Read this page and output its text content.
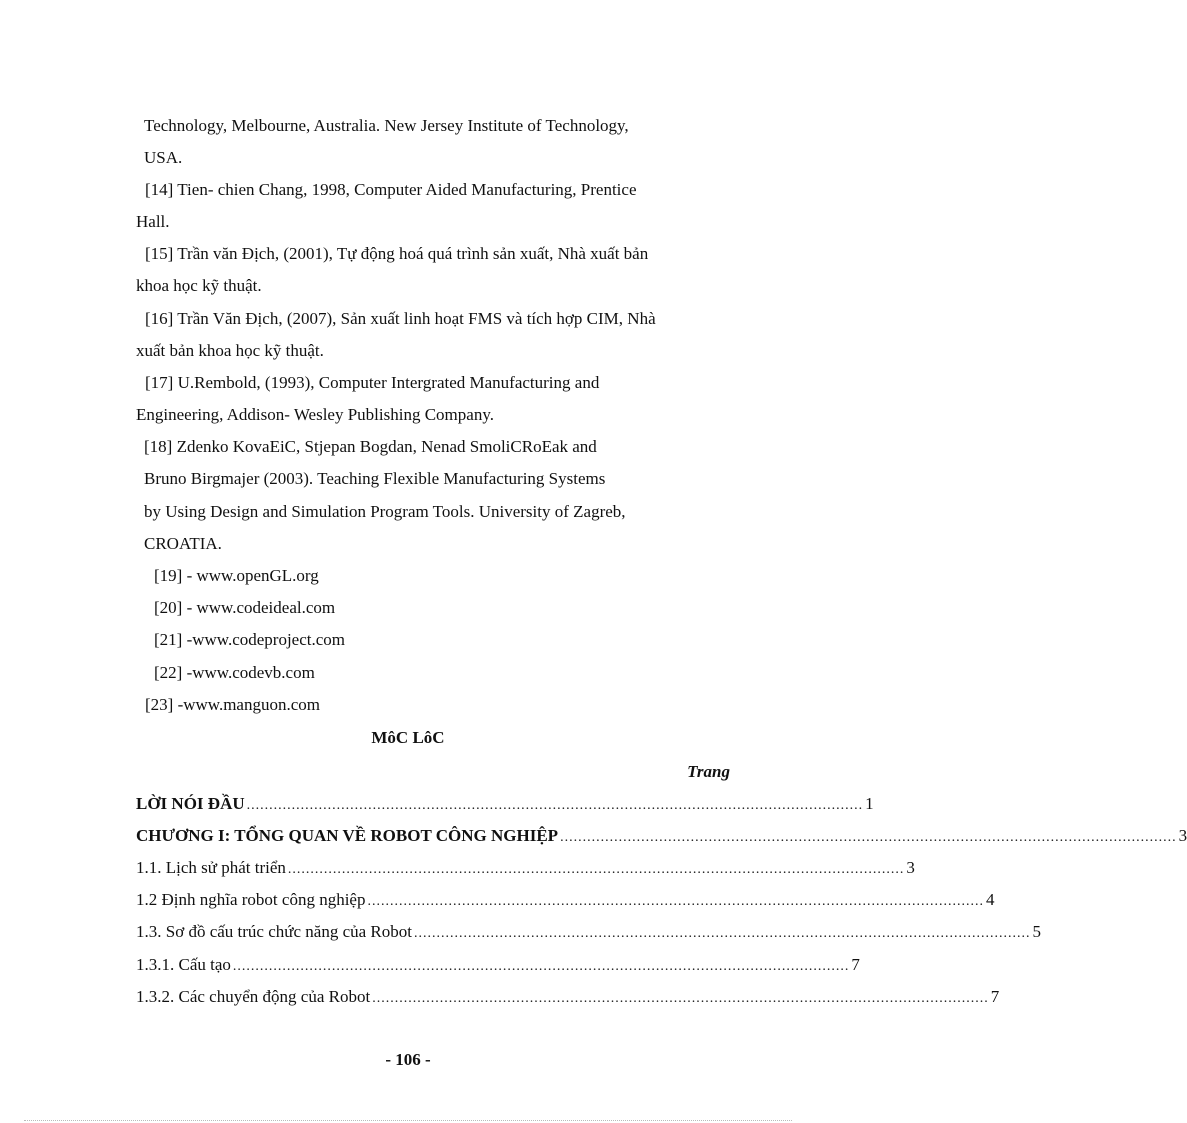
Technology, Melbourne, Australia. New Jersey Institute of Technology,
USA.
[14] Tien- chien Chang, 1998, Computer Aided Manufacturing, Prentice
Hall.
[15] Trần văn Địch, (2001), Tự động hoá quá trình sản xuất, Nhà xuất bản
khoa học kỹ thuật.
[16] Trần Văn Địch, (2007), Sản xuất linh hoạt FMS và tích hợp CIM, Nhà
xuất bản khoa học kỹ thuật.
[17] U.Rembold, (1993), Computer Intergrated Manufacturing and
Engineering, Addison- Wesley Publishing Company.
[18] Zdenko KovaEiC, Stjepan Bogdan, Nenad SmoliCRoEak and
Bruno Birgmajer (2003). Teaching Flexible Manufacturing Systems
by Using Design and Simulation Program Tools. University of Zagreb,
CROATIA.
[19] - www.openGL.org
[20] - www.codeideal.com
[21] -www.codeproject.com
[22] -www.codevb.com
[23] -www.manguon.com
MôC LôC
Trang
LỜI NÓI ĐẦU ......................................................................................................................................... 1
CHƯƠNG I: TỔNG QUAN VỀ ROBOT CÔNG NGHIỆP ......................................................................................................................................... 3
1.1. Lịch sử phát triển ......................................................................................................................................... 3
1.2 Định nghĩa robot công nghiệp ......................................................................................................................................... 4
1.3. Sơ đồ cấu trúc chức năng của Robot ......................................................................................................................................... 5
1.3.1. Cấu tạo ......................................................................................................................................... 7
1.3.2. Các chuyển động của Robot ......................................................................................................................................... 7
- 106 -
